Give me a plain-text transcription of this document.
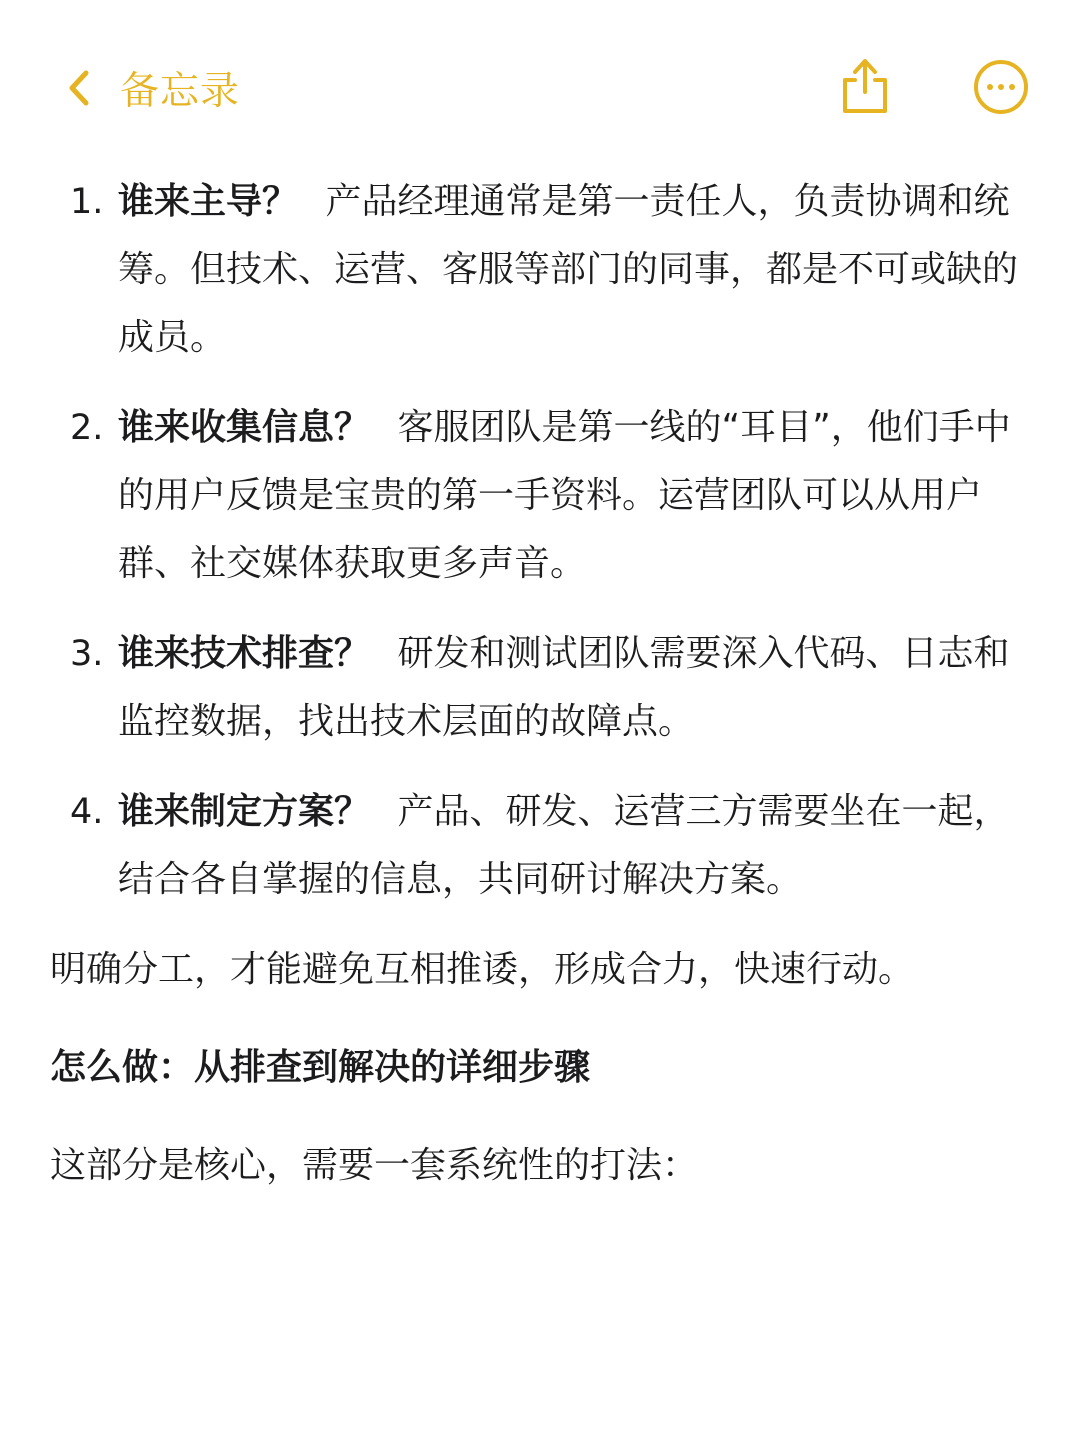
备忘录
1. 谁来主导？ 产品经理通常是第一责任人，负责协调和统筹。但技术、运营、客服等部门的同事，都是不可或缺的成员。
2. 谁来收集信息？ 客服团队是第一线的“耳目”，他们手中的用户反馈是宝贵的第一手资料。运营团队可以从用户群、社交媒体获取更多声音。
3. 谁来技术排查？ 研发和测试团队需要深入代码、日志和监控数据，找出技术层面的故障点。
4. 谁来制定方案？ 产品、研发、运营三方需要坐在一起，结合各自掌握的信息，共同研讨解决方案。

明确分工，才能避免互相推诿，形成合力，快速行动。

怎么做：从排查到解决的详细步骤

这部分是核心，需要一套系统性的打法：
